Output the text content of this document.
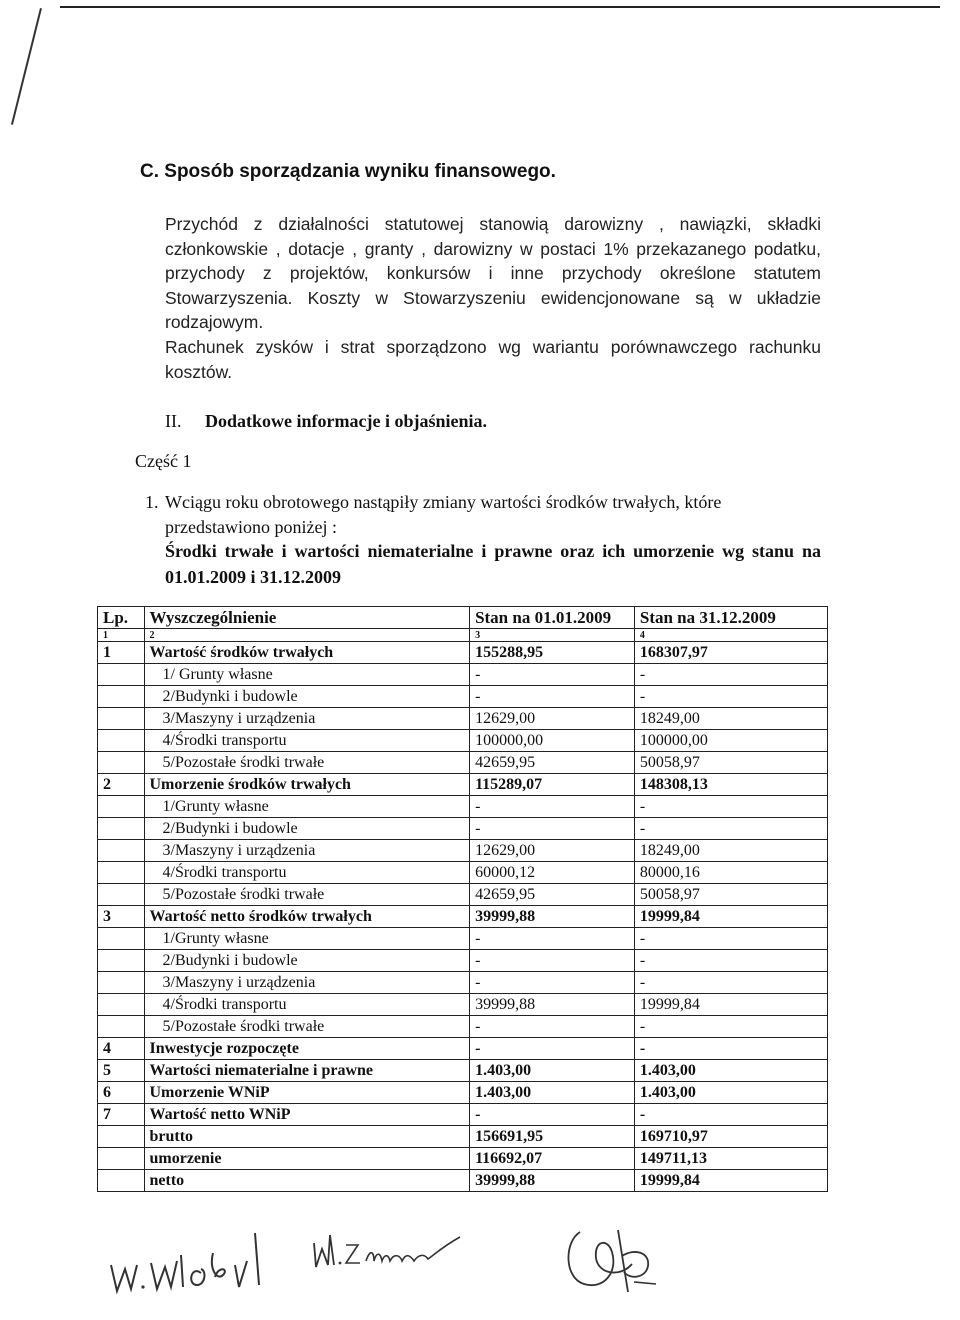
C. Sposób sporządzania wyniku finansowego.
Przychód z działalności statutowej stanowią darowizny , nawiązki, składki członkowskie , dotacje , granty , darowizny w postaci 1% przekazanego podatku, przychody z projektów, konkursów i inne przychody określone statutem Stowarzyszenia. Koszty w Stowarzyszeniu ewidencjonowane są w układzie rodzajowym.
Rachunek zysków i strat sporządzono wg wariantu porównawczego rachunku kosztów.
II. Dodatkowe informacje i objaśnienia.
Część 1
1. Wciągu roku obrotowego nastąpiły zmiany wartości środków trwałych, które
przedstawiono poniżej :
Środki trwałe i wartości niematerialne i prawne oraz ich umorzenie wg stanu na 01.01.2009 i 31.12.2009
Lp.	Wyszczególnienie	Stan na 01.01.2009	Stan na 31.12.2009
1	2	3	4
1	Wartość środków trwałych	155288,95	168307,97
	1/ Grunty własne	-	-
	2/Budynki i budowle	-	-
	3/Maszyny i urządzenia	12629,00	18249,00
	4/Środki transportu	100000,00	100000,00
	5/Pozostałe środki trwałe	42659,95	50058,97
2	Umorzenie środków trwałych	115289,07	148308,13
	1/Grunty własne	-	-
	2/Budynki i budowle	-	-
	3/Maszyny i urządzenia	12629,00	18249,00
	4/Środki transportu	60000,12	80000,16
	5/Pozostałe środki trwałe	42659,95	50058,97
3	Wartość netto środków trwałych	39999,88	19999,84
	1/Grunty własne	-	-
	2/Budynki i budowle	-	-
	3/Maszyny i urządzenia	-	-
	4/Środki transportu	39999,88	19999,84
	5/Pozostałe środki trwałe	-	-
4	Inwestycje rozpoczęte	-	-
5	Wartości niematerialne i prawne	1.403,00	1.403,00
6	Umorzenie WNiP	1.403,00	1.403,00
7	Wartość netto WNiP	-	-
	brutto	156691,95	169710,97
	umorzenie	116692,07	149711,13
	netto	39999,88	19999,84
